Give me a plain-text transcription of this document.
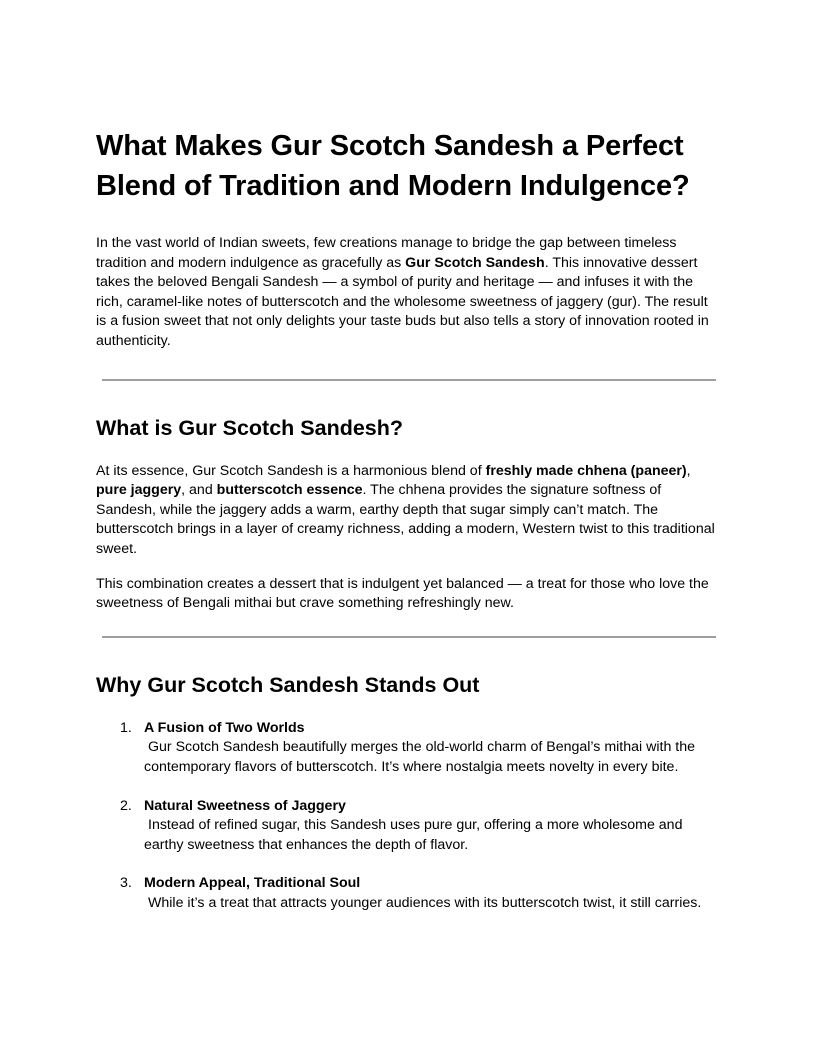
What Makes Gur Scotch Sandesh a Perfect Blend of Tradition and Modern Indulgence?

In the vast world of Indian sweets, few creations manage to bridge the gap between timeless tradition and modern indulgence as gracefully as Gur Scotch Sandesh. This innovative dessert takes the beloved Bengali Sandesh — a symbol of purity and heritage — and infuses it with the rich, caramel-like notes of butterscotch and the wholesome sweetness of jaggery (gur). The result is a fusion sweet that not only delights your taste buds but also tells a story of innovation rooted in authenticity.

What is Gur Scotch Sandesh?

At its essence, Gur Scotch Sandesh is a harmonious blend of freshly made chhena (paneer), pure jaggery, and butterscotch essence. The chhena provides the signature softness of Sandesh, while the jaggery adds a warm, earthy depth that sugar simply can’t match. The butterscotch brings in a layer of creamy richness, adding a modern, Western twist to this traditional sweet.

This combination creates a dessert that is indulgent yet balanced — a treat for those who love the sweetness of Bengali mithai but crave something refreshingly new.

Why Gur Scotch Sandesh Stands Out
1. A Fusion of Two Worlds
Gur Scotch Sandesh beautifully merges the old-world charm of Bengal’s mithai with the contemporary flavors of butterscotch. It’s where nostalgia meets novelty in every bite.
2. Natural Sweetness of Jaggery
Instead of refined sugar, this Sandesh uses pure gur, offering a more wholesome and earthy sweetness that enhances the depth of flavor.
3. Modern Appeal, Traditional Soul
While it’s a treat that attracts younger audiences with its butterscotch twist, it still carries.
